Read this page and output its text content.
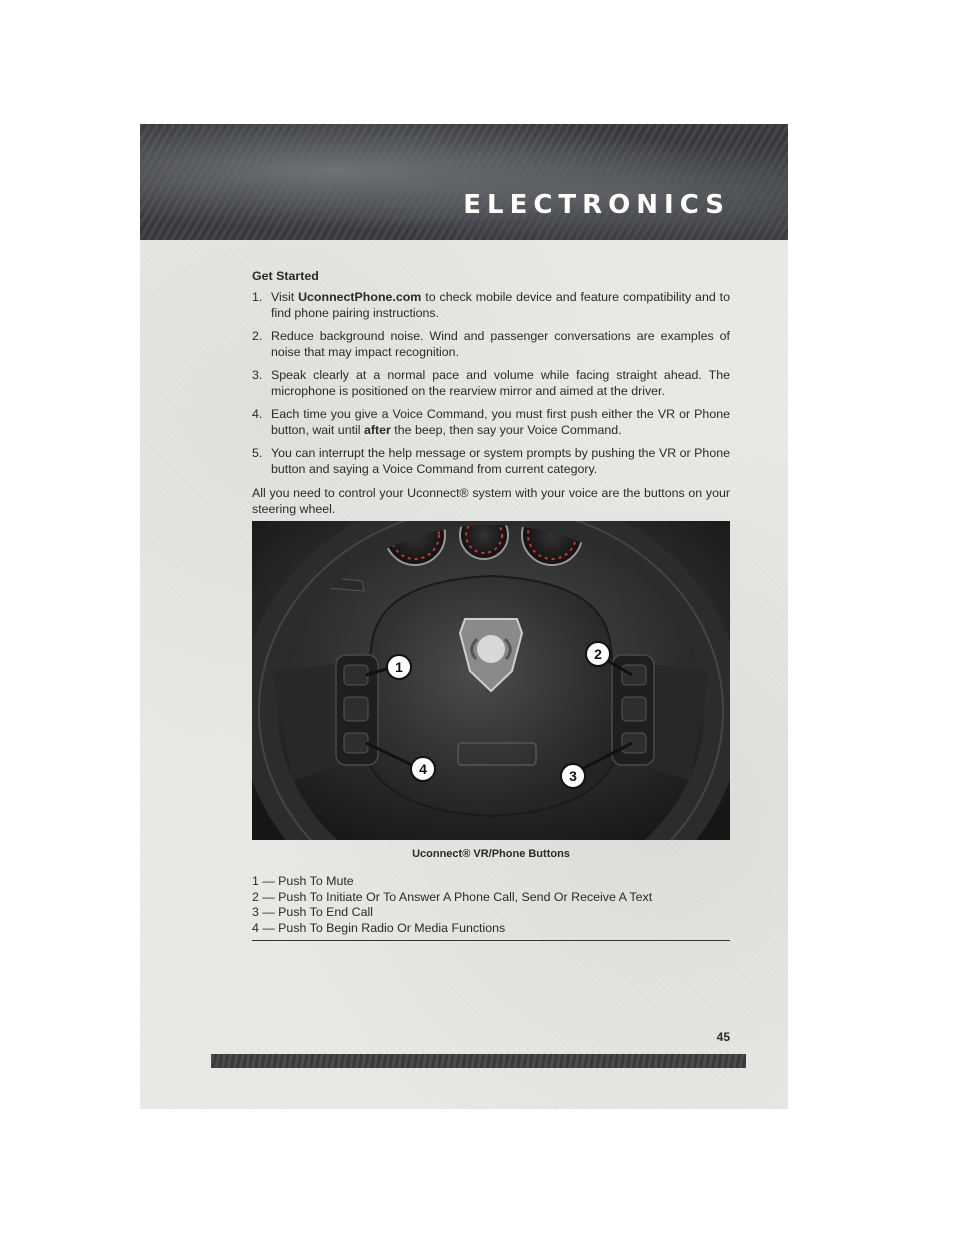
ELECTRONICS
Get Started
1. Visit UconnectPhone.com to check mobile device and feature compatibility and to find phone pairing instructions.
2. Reduce background noise. Wind and passenger conversations are examples of noise that may impact recognition.
3. Speak clearly at a normal pace and volume while facing straight ahead. The microphone is positioned on the rearview mirror and aimed at the driver.
4. Each time you give a Voice Command, you must first push either the VR or Phone button, wait until after the beep, then say your Voice Command.
5. You can interrupt the help message or system prompts by pushing the VR or Phone button and saying a Voice Command from current category.

All you need to control your Uconnect® system with your voice are the buttons on your steering wheel.

1
2
3
4
Uconnect® VR/Phone Buttons
1 — Push To Mute
2 — Push To Initiate Or To Answer A Phone Call, Send Or Receive A Text
3 — Push To End Call
4 — Push To Begin Radio Or Media Functions
45
